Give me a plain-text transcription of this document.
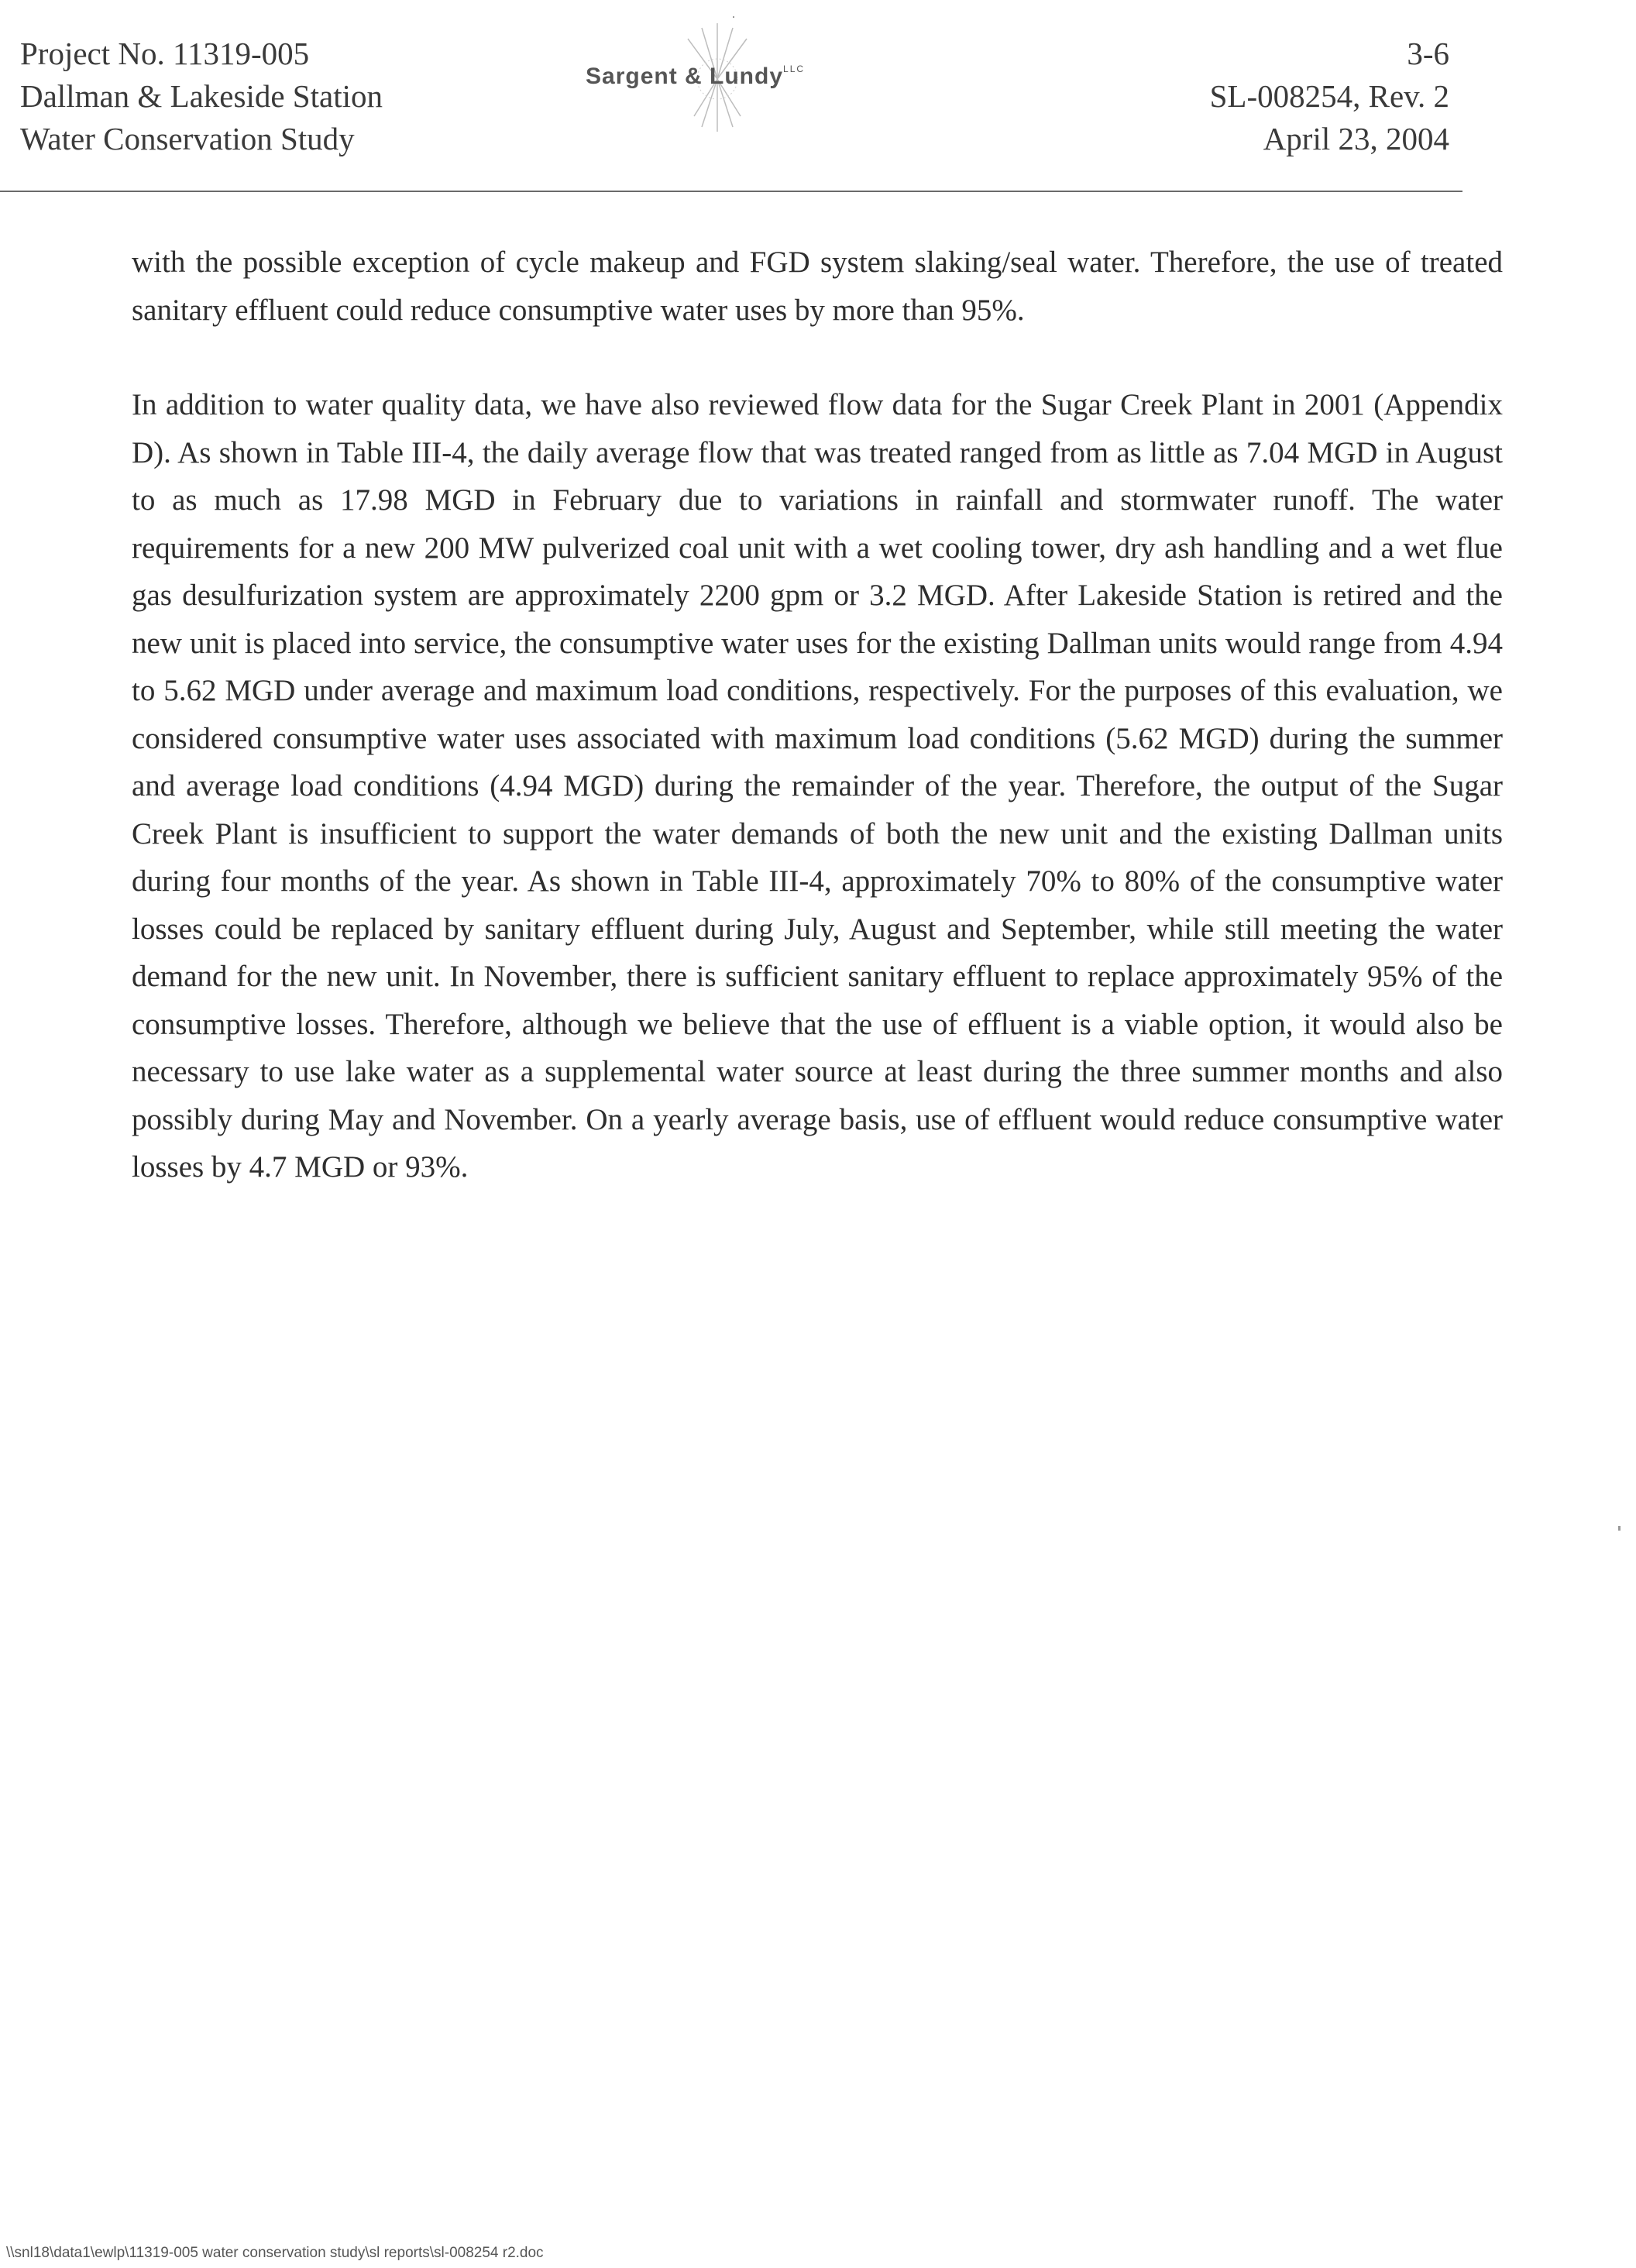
Project No. 11319-005
Dallman & Lakeside Station
Water Conservation Study
Sargent & Lundy$^{LLC}$	3-6
SL-008254, Rev. 2
April 23, 2004

with the possible exception of cycle makeup and FGD system slaking/seal water. Therefore, the use of treated sanitary effluent could reduce consumptive water uses by more than 95%.

In addition to water quality data, we have also reviewed flow data for the Sugar Creek Plant in 2001 (Appendix D). As shown in Table III-4, the daily average flow that was treated ranged from as little as 7.04 MGD in August to as much as 17.98 MGD in February due to variations in rainfall and stormwater runoff. The water requirements for a new 200 MW pulverized coal unit with a wet cooling tower, dry ash handling and a wet flue gas desulfurization system are approximately 2200 gpm or 3.2 MGD. After Lakeside Station is retired and the new unit is placed into service, the consumptive water uses for the existing Dallman units would range from 4.94 to 5.62 MGD under average and maximum load conditions, respectively. For the purposes of this evaluation, we considered consumptive water uses associated with maximum load conditions (5.62 MGD) during the summer and average load conditions (4.94 MGD) during the remainder of the year. Therefore, the output of the Sugar Creek Plant is insufficient to support the water demands of both the new unit and the existing Dallman units during four months of the year. As shown in Table III-4, approximately 70% to 80% of the consumptive water losses could be replaced by sanitary effluent during July, August and September, while still meeting the water demand for the new unit. In November, there is sufficient sanitary effluent to replace approximately 95% of the consumptive losses. Therefore, although we believe that the use of effluent is a viable option, it would also be necessary to use lake water as a supplemental water source at least during the three summer months and also possibly during May and November. On a yearly average basis, use of effluent would reduce consumptive water losses by 4.7 MGD or 93%.

\\snl18\data1\ewlp\11319-005 water conservation study\sl reports\sl-008254 r2.doc
